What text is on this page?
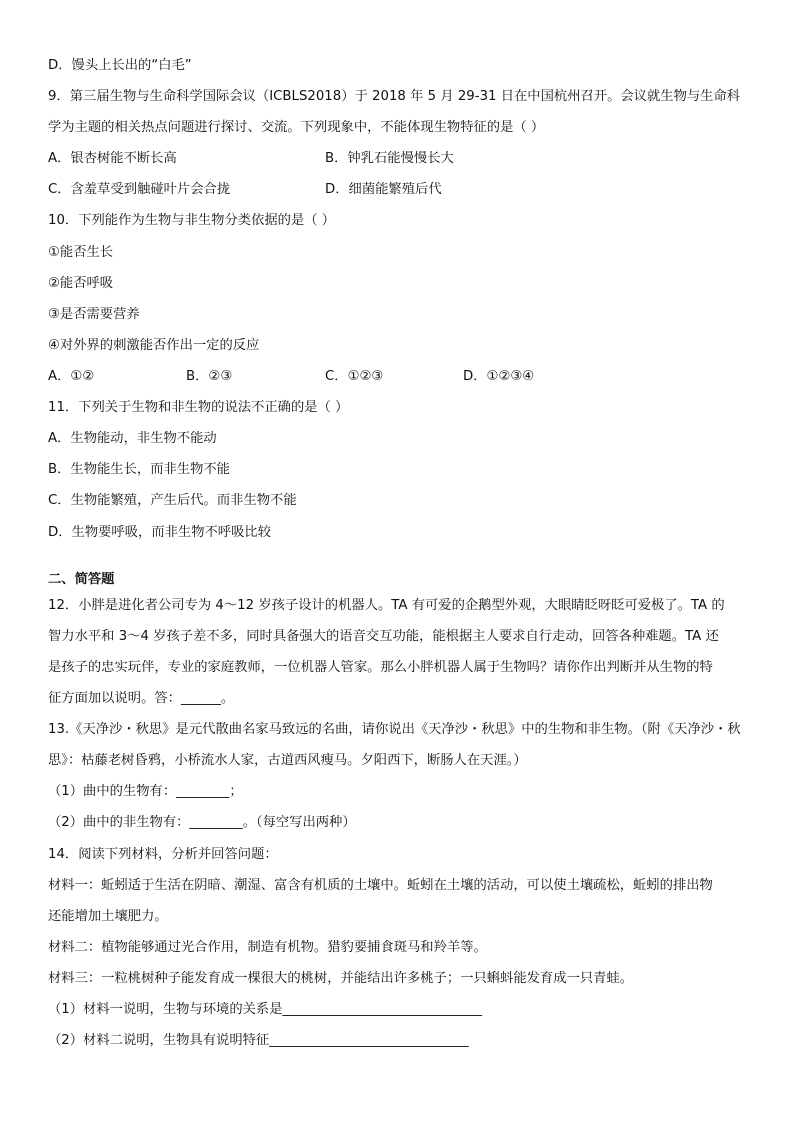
D．馒头上长出的“白毛”
9．第三届生物与生命科学国际会议（ICBLS2018）于 2018 年 5 月 29-31 日在中国杭州召开。会议就生物与生命科
学为主题的相关热点问题进行探讨、交流。下列现象中，不能体现生物特征的是（ ）
A．银杏树能不断长高	B．钟乳石能慢慢长大
C．含羞草受到触碰叶片会合拢	D．细菌能繁殖后代
10．下列能作为生物与非生物分类依据的是（ ）
①能否生长
②能否呼吸
③是否需要营养
④对外界的刺激能否作出一定的反应
A．①②	B．②③	C．①②③	D．①②③④
11．下列关于生物和非生物的说法不正确的是（ ）
A．生物能动，非生物不能动
B．生物能生长，而非生物不能
C．生物能繁殖，产生后代。而非生物不能
D．生物要呼吸，而非生物不呼吸比较
二、简答题
12．小胖是进化者公司专为 4～12 岁孩子设计的机器人。TA 有可爱的企鹅型外观，大眼睛眨呀眨可爱极了。TA 的
智力水平和 3～4 岁孩子差不多，同时具备强大的语音交互功能，能根据主人要求自行走动，回答各种难题。TA 还
是孩子的忠实玩伴，专业的家庭教师，一位机器人管家。那么小胖机器人属于生物吗？请你作出判断并从生物的特
征方面加以说明。答：______。
13.《天净沙・秋思》是元代散曲名家马致远的名曲，请你说出《天净沙・秋思》中的生物和非生物。（附《天净沙・秋
思》：枯藤老树昏鸦，小桥流水人家，古道西风瘦马。夕阳西下，断肠人在天涯。）
（1）曲中的生物有：________；
（2）曲中的非生物有：________。（每空写出两种）
14．阅读下列材料，分析并回答问题：
材料一：蚯蚓适于生活在阴暗、潮湿、富含有机质的土壤中。蚯蚓在土壤的活动，可以使土壤疏松，蚯蚓的排出物
还能增加土壤肥力。
材料二：植物能够通过光合作用，制造有机物。猎豹要捕食斑马和羚羊等。
材料三：一粒桃树种子能发育成一棵很大的桃树，并能结出许多桃子；一只蝌蚪能发育成一只青蛙。
（1）材料一说明，生物与环境的关系是______________________________
（2）材料二说明，生物具有说明特征______________________________
